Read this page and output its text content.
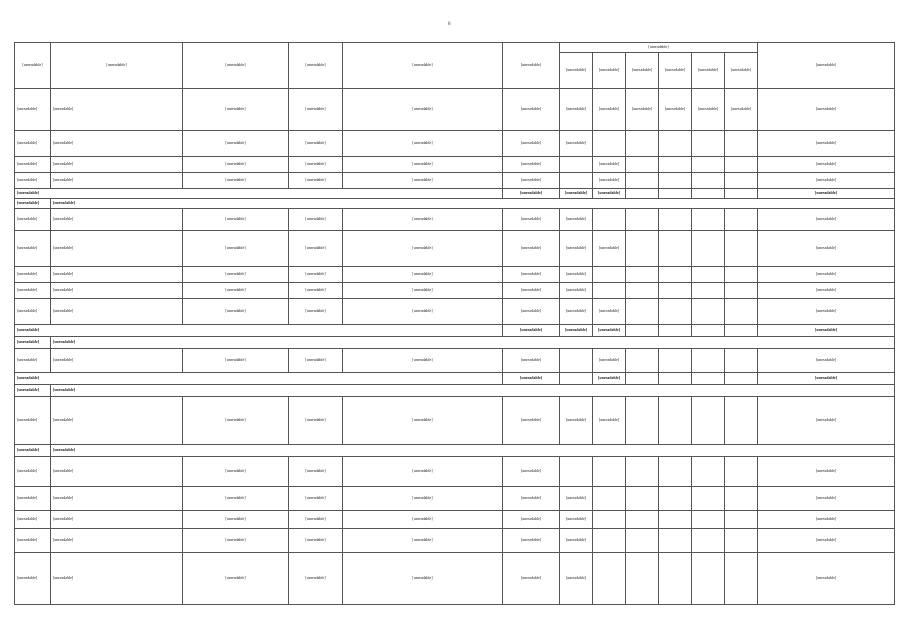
6
[unreadable]	[unreadable]	[unreadable]	[unreadable]	[unreadable]	[unreadable]	[unreadable]						[unreadable]
						[unreadable]	[unreadable]	[unreadable]	[unreadable]	[unreadable]	[unreadable]	
[unreadable]	[unreadable]	[unreadable]	[unreadable]	[unreadable]	[unreadable]	[unreadable]	[unreadable]	[unreadable]	[unreadable]	[unreadable]	[unreadable]	[unreadable]
[unreadable]	[unreadable]	[unreadable]	[unreadable]	[unreadable]	[unreadable]	[unreadable]						[unreadable]
[unreadable]	[unreadable]	[unreadable]	[unreadable]	[unreadable]	[unreadable]		[unreadable]					[unreadable]
[unreadable]	[unreadable]	[unreadable]	[unreadable]	[unreadable]	[unreadable]		[unreadable]					[unreadable]
[unreadable]					[unreadable]	[unreadable]	[unreadable]					[unreadable]
[unreadable]	[unreadable]											
[unreadable]	[unreadable]	[unreadable]	[unreadable]	[unreadable]	[unreadable]	[unreadable]						[unreadable]
[unreadable]	[unreadable]	[unreadable]	[unreadable]	[unreadable]	[unreadable]	[unreadable]	[unreadable]					[unreadable]
[unreadable]	[unreadable]	[unreadable]	[unreadable]	[unreadable]	[unreadable]	[unreadable]						[unreadable]
[unreadable]	[unreadable]	[unreadable]	[unreadable]	[unreadable]	[unreadable]	[unreadable]						[unreadable]
[unreadable]	[unreadable]	[unreadable]	[unreadable]	[unreadable]	[unreadable]	[unreadable]	[unreadable]					[unreadable]
[unreadable]					[unreadable]	[unreadable]	[unreadable]					[unreadable]
[unreadable]	[unreadable]											
[unreadable]	[unreadable]	[unreadable]	[unreadable]	[unreadable]	[unreadable]		[unreadable]					[unreadable]
[unreadable]					[unreadable]		[unreadable]					[unreadable]
[unreadable]	[unreadable]											
[unreadable]	[unreadable]	[unreadable]	[unreadable]	[unreadable]	[unreadable]	[unreadable]	[unreadable]					[unreadable]
[unreadable]	[unreadable]											
[unreadable]	[unreadable]	[unreadable]	[unreadable]	[unreadable]	[unreadable]							[unreadable]
[unreadable]	[unreadable]	[unreadable]	[unreadable]	[unreadable]	[unreadable]	[unreadable]						[unreadable]
[unreadable]	[unreadable]	[unreadable]	[unreadable]	[unreadable]	[unreadable]	[unreadable]						[unreadable]
[unreadable]	[unreadable]	[unreadable]	[unreadable]	[unreadable]	[unreadable]	[unreadable]						[unreadable]
[unreadable]	[unreadable]	[unreadable]	[unreadable]	[unreadable]	[unreadable]	[unreadable]						[unreadable]
